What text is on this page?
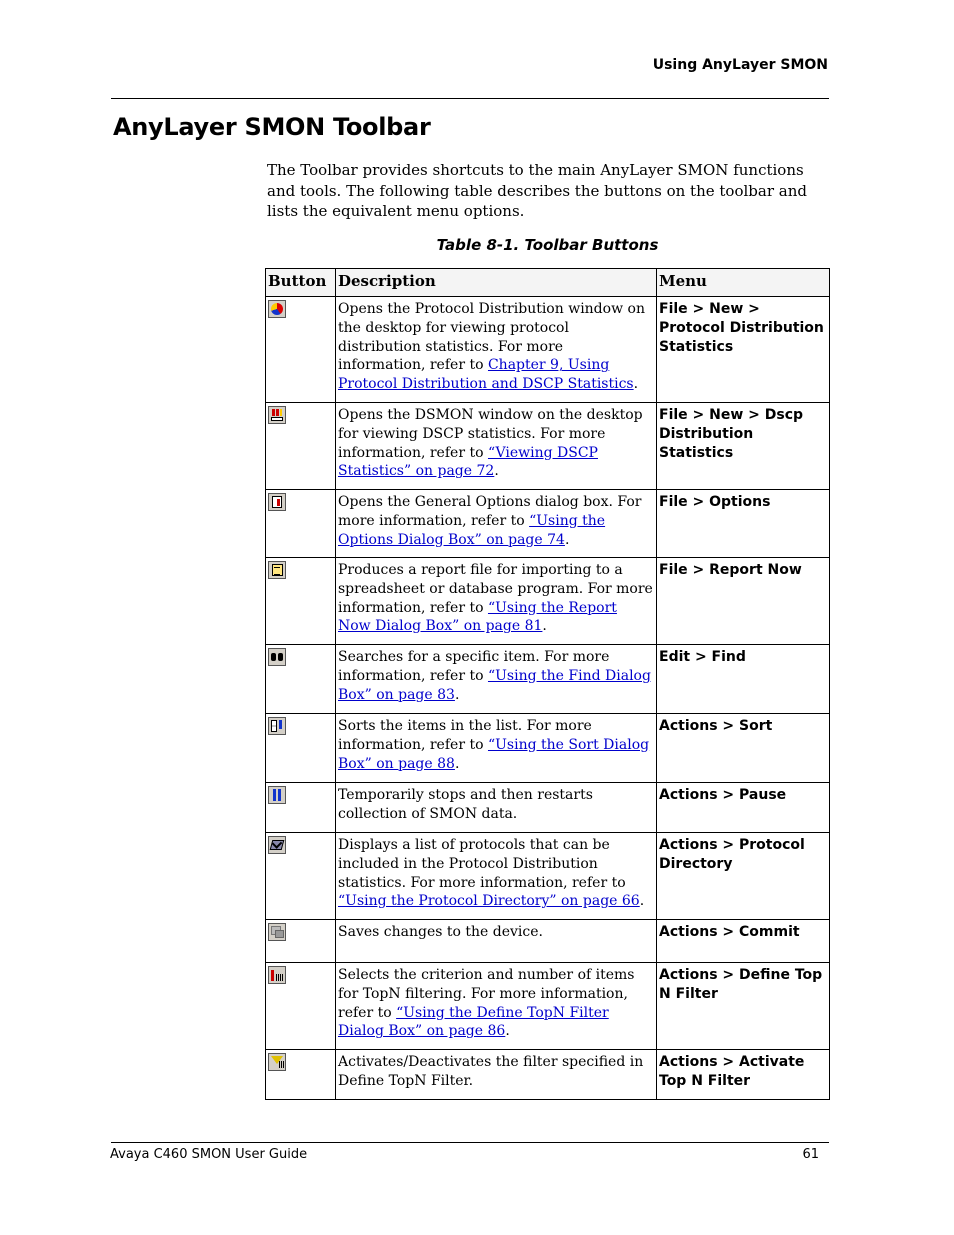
Using AnyLayer SMON
AnyLayer SMON Toolbar

The Toolbar provides shortcuts to the main AnyLayer SMON functions and tools. The following table describes the buttons on the toolbar and lists the equivalent menu options.

Table 8-1. Toolbar Buttons
Button	Description	Menu

	Opens the Protocol Distribution window on the desktop for viewing protocol distribution statistics. For more information, refer to Chapter 9, Using Protocol Distribution and DSCP Statistics.	File > New > Protocol Distribution Statistics

	Opens the DSMON window on the desktop for viewing DSCP statistics. For more information, refer to “Viewing DSCP Statistics” on page 72.	File > New > Dscp Distribution Statistics

	Opens the General Options dialog box. For more information, refer to “Using the Options Dialog Box” on page 74.	File > Options

	Produces a report file for importing to a spreadsheet or database program. For more information, refer to “Using the Report Now Dialog Box” on page 81.	File > Report Now

	Searches for a specific item. For more information, refer to “Using the Find Dialog Box” on page 83.	Edit > Find

	Sorts the items in the list. For more information, refer to “Using the Sort Dialog Box” on page 88.	Actions > Sort

	Temporarily stops and then restarts collection of SMON data.	Actions > Pause

	Displays a list of protocols that can be included in the Protocol Distribution statistics. For more information, refer to “Using the Protocol Directory” on page 66.	Actions > Protocol Directory

	Saves changes to the device.	Actions > Commit

	Selects the criterion and number of items for TopN filtering. For more information, refer to “Using the Define TopN Filter Dialog Box” on page 86.	Actions > Define Top N Filter

	Activates/Deactivates the filter specified in Define TopN Filter.	Actions > Activate Top N Filter
Avaya C460 SMON User Guide	61
